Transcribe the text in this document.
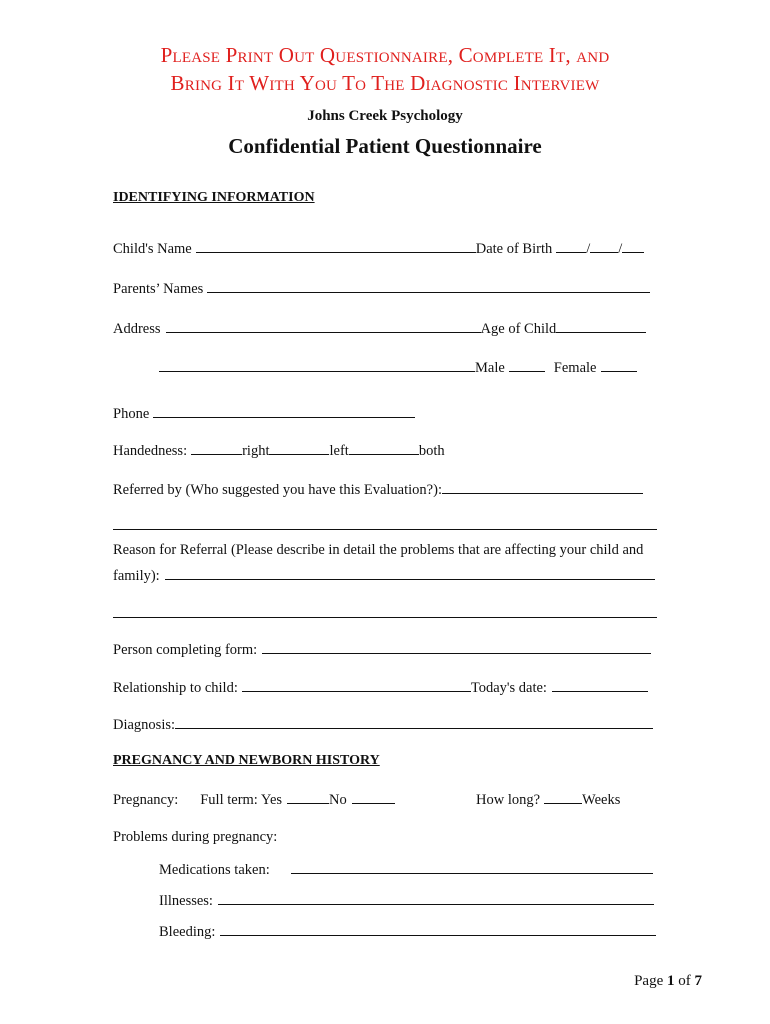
Please Print Out Questionnaire, Complete It, and
Bring It With You To The Diagnostic Interview
Johns Creek Psychology
Confidential Patient Questionnaire
IDENTIFYING INFORMATION
Child's Name	Date of Birth / /
Parents’ Names
Address	Age of Child
Male	Female
Phone
Handedness:	right	left	both
Referred by (Who suggested you have this Evaluation?):
Reason for Referral (Please describe in detail the problems that are affecting your child and
family):
Person completing form:
Relationship to child:	Today's date:
Diagnosis:
PREGNANCY AND NEWBORN HISTORY
Pregnancy: Full term: Yes	No	How long?	Weeks
Problems during pregnancy:
Medications taken:
Illnesses:
Bleeding:
Page 1 of 7
